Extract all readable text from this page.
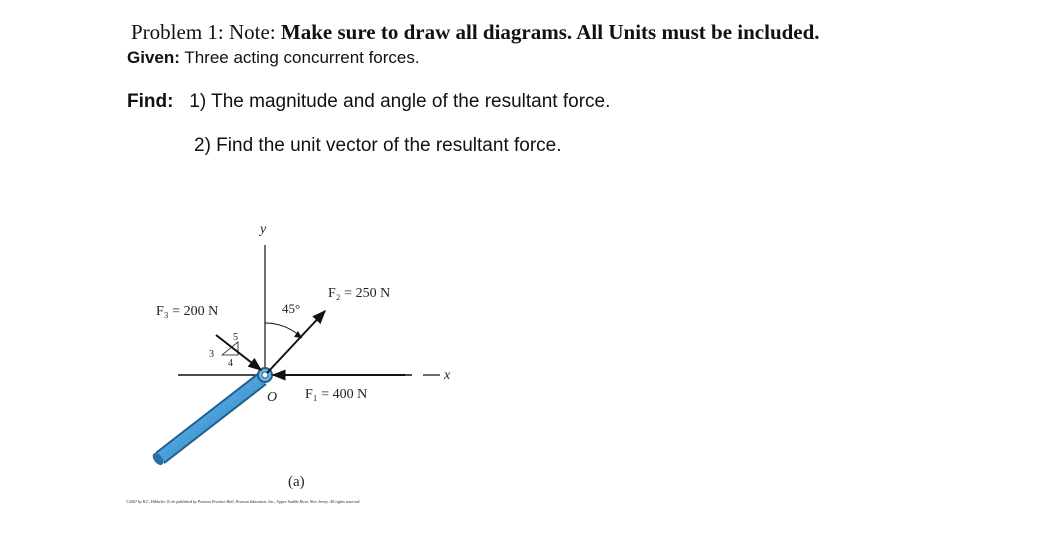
Problem 1: Note: Make sure to draw all diagrams. All Units must be included.
Given: Three acting concurrent forces.
Find: 1) The magnitude and angle of the resultant force.
2) Find the unit vector of the resultant force.
y
x
O
F₃ = 200 N
F₂ = 250 N
F₁ = 400 N
45°
3
4
5
(a)
©2007 by R.C. Hibbeler. To be published by Pearson Prentice Hall, Pearson Education, Inc., Upper Saddle River, New Jersey. All rights reserved.
